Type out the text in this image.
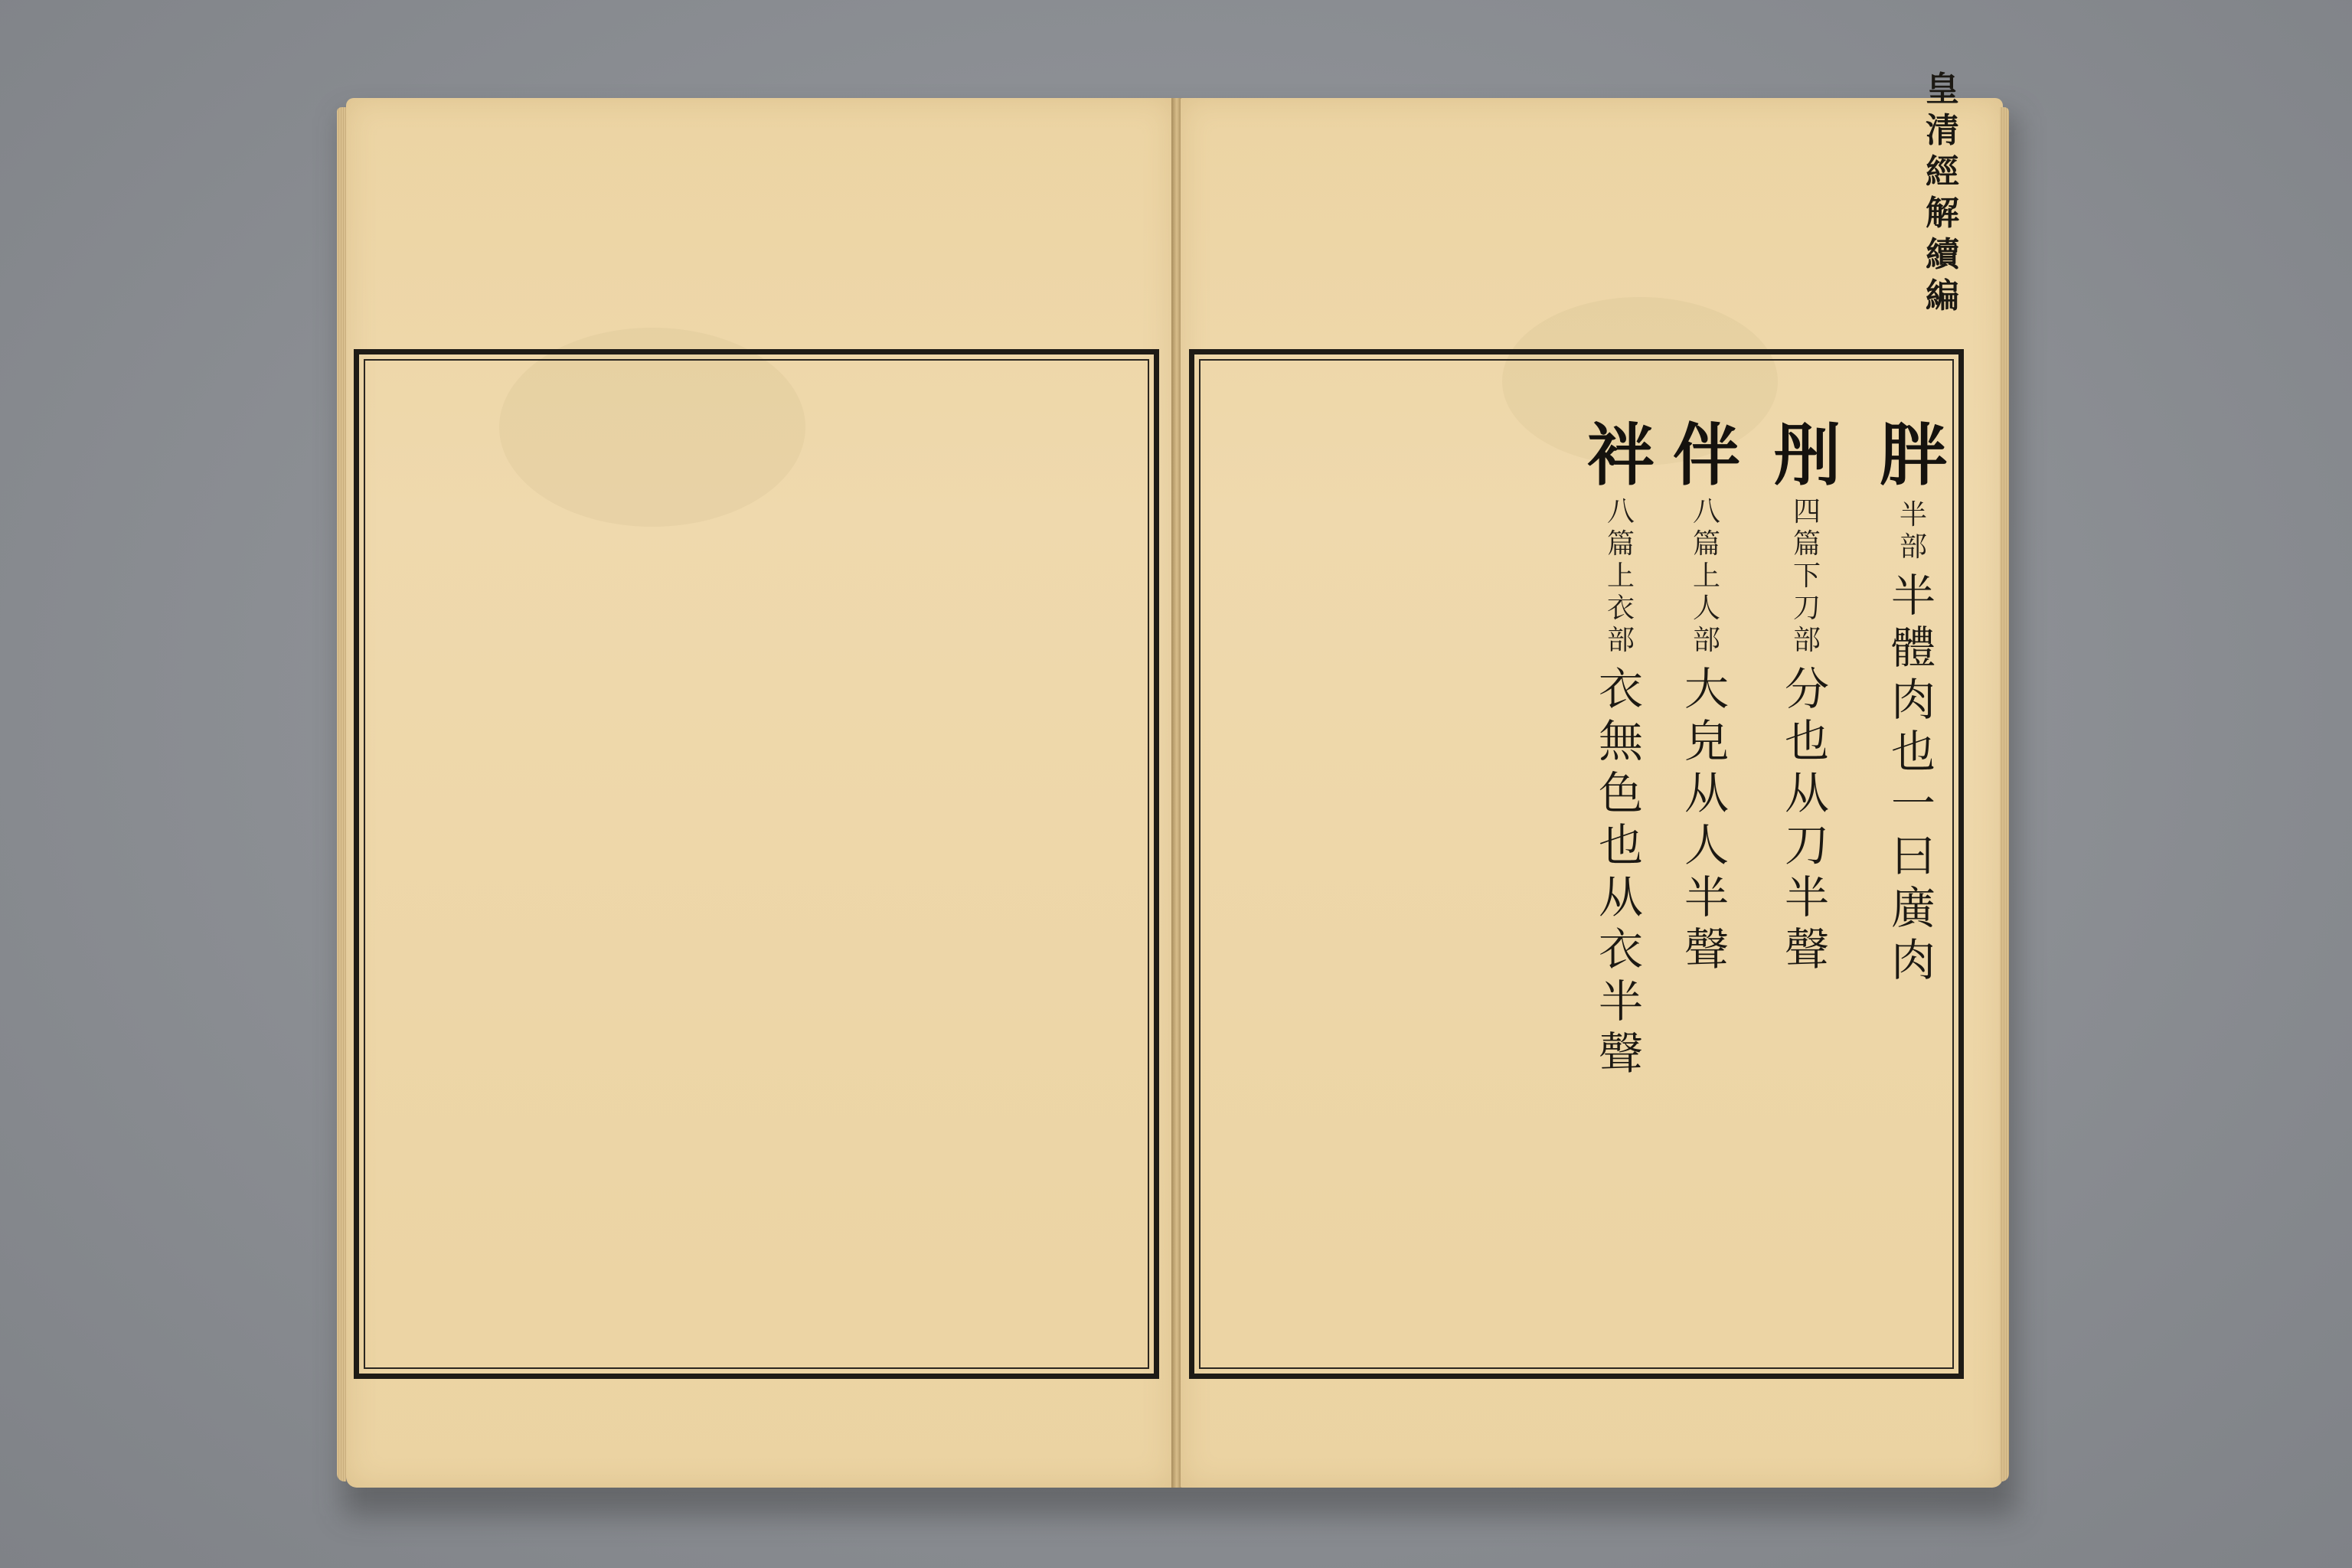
皇
清
經
解
續
編
胖
半
部
半
體
肉
也
一
曰
廣
肉
刐
四
篇
下
刀
部
分
也
从
刀
半
聲
伴
八
篇
上
人
部
大
皃
从
人
半
聲
袢
八
篇
上
衣
部
衣
無
色
也
从
衣
半
聲
